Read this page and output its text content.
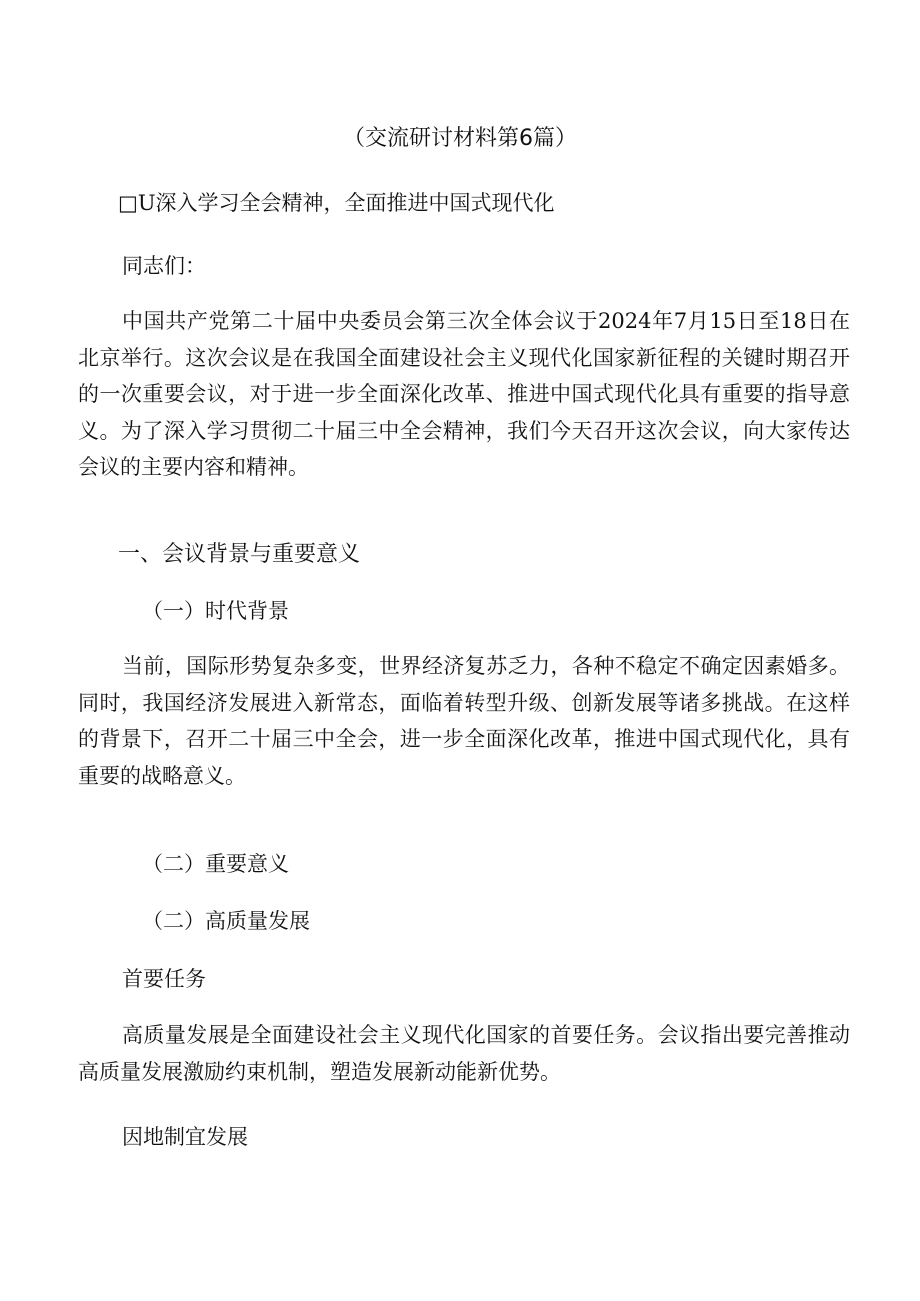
（交流研讨材料第6篇）
□U深入学习全会精神，全面推进中国式现代化
同志们：
中国共产党第二十届中央委员会第三次全体会议于2024年7月15日至18日在北京举行。这次会议是在我国全面建设社会主义现代化国家新征程的关键时期召开的一次重要会议，对于进一步全面深化改革、推进中国式现代化具有重要的指导意义。为了深入学习贯彻二十届三中全会精神，我们今天召开这次会议，向大家传达会议的主要内容和精神。
一、会议背景与重要意义
（一）时代背景
当前，国际形势复杂多变，世界经济复苏乏力，各种不稳定不确定因素婚多。同时，我国经济发展进入新常态，面临着转型升级、创新发展等诸多挑战。在这样的背景下，召开二十届三中全会，进一步全面深化改革，推进中国式现代化，具有重要的战略意义。
（二）重要意义
（二）高质量发展
首要任务
高质量发展是全面建设社会主义现代化国家的首要任务。会议指出要完善推动高质量发展激励约束机制，塑造发展新动能新优势。
因地制宜发展
